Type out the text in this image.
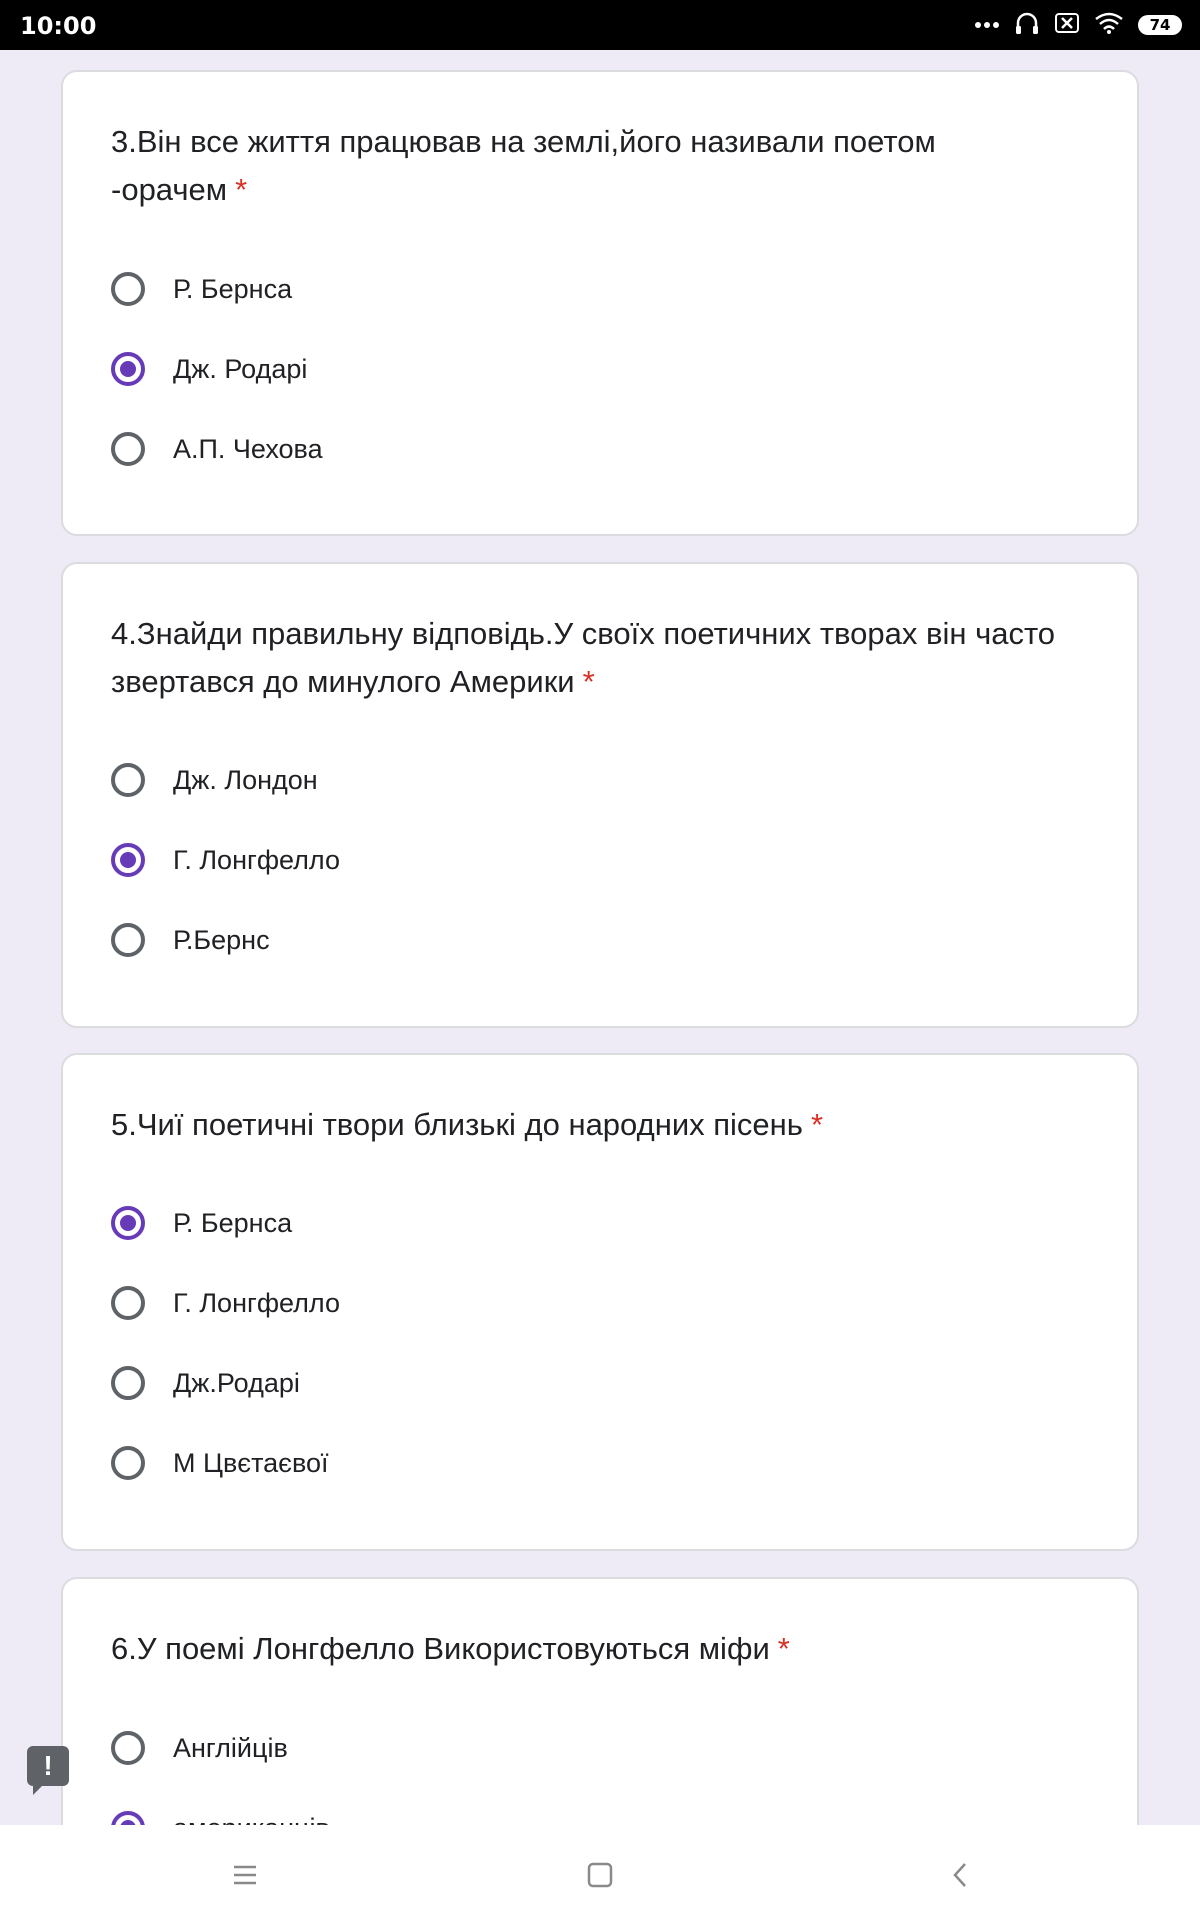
10:00	74
3.Він все життя працював на землі,його називали поетом -орачем *
Р. Бернса
Дж. Родарі
А.П. Чехова
4.Знайди правильну відповідь.У своїх поетичних творах він часто звертався до минулого Америки *
Дж. Лондон
Г. Лонгфелло
Р.Бернс
5.Чиї поетичні твори близькі до народних пісень *
Р. Бернса
Г. Лонгфелло
Дж.Родарі
М Цвєтаєвої
6.У поемі Лонгфелло Використовуються міфи *
Англійців
!
